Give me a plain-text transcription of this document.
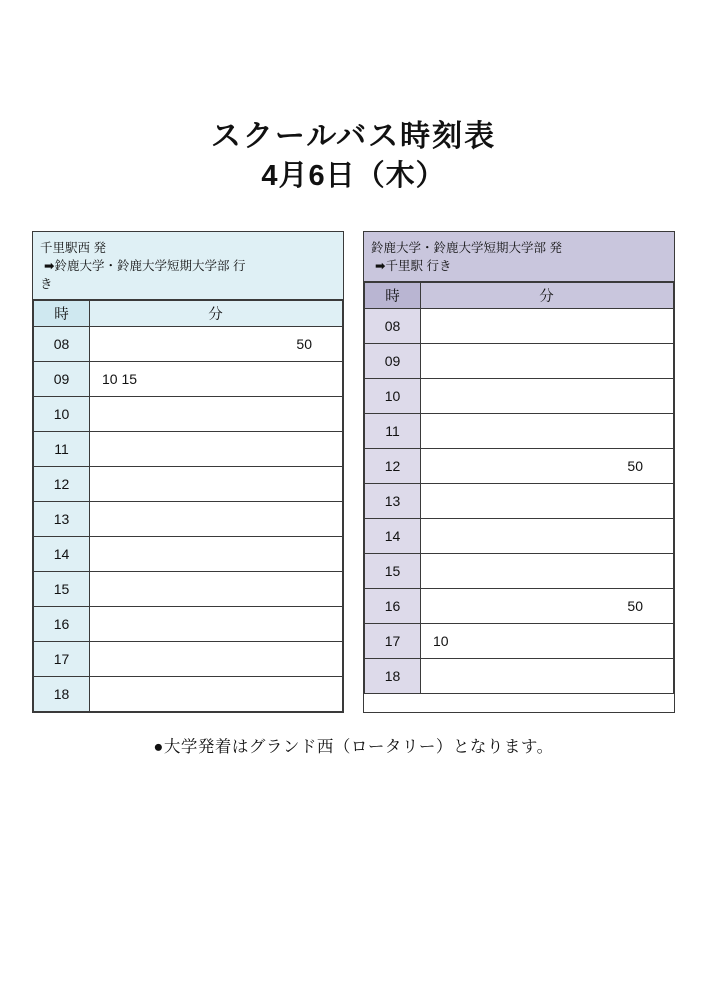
スクールバス時刻表
4月6日（木）
千里駅西 発
➡鈴鹿大学・鈴鹿大学短期大学部 行
き
時	分
08	50
09	10 15
10	
11	
12	
13	
14	
15	
16	
17	
18	
鈴鹿大学・鈴鹿大学短期大学部 発
➡千里駅 行き
時	分
08	
09	
10	
11	
12	50
13	
14	
15	
16	50
17	10
18	
●大学発着はグランド西（ロータリー）となります。
